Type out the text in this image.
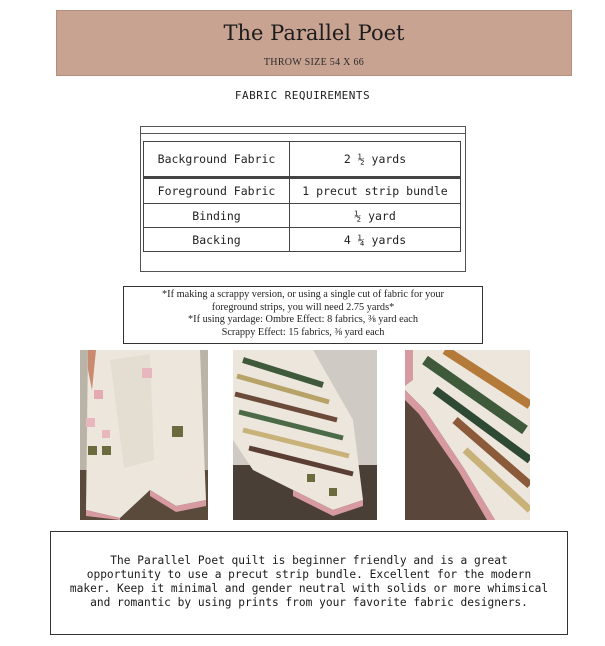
The Parallel Poet
THROW SIZE 54 X 66
FABRIC REQUIREMENTS
Background Fabric	2 ½ yards
Foreground Fabric	1 precut strip bundle
Binding	½ yard
Backing	4 ¼ yards
*If making a scrappy version, or using a single cut of fabric for your
foreground strips, you will need 2.75 yards*
*If using yardage: Ombre Effect: 8 fabrics, ⅜ yard each
Scrappy Effect: 15 fabrics, ⅜ yard each

The Parallel Poet quilt is beginner friendly and is a great
opportunity to use a precut strip bundle. Excellent for the modern
maker. Keep it minimal and gender neutral with solids or more whimsical
and romantic by using prints from your favorite fabric designers.
